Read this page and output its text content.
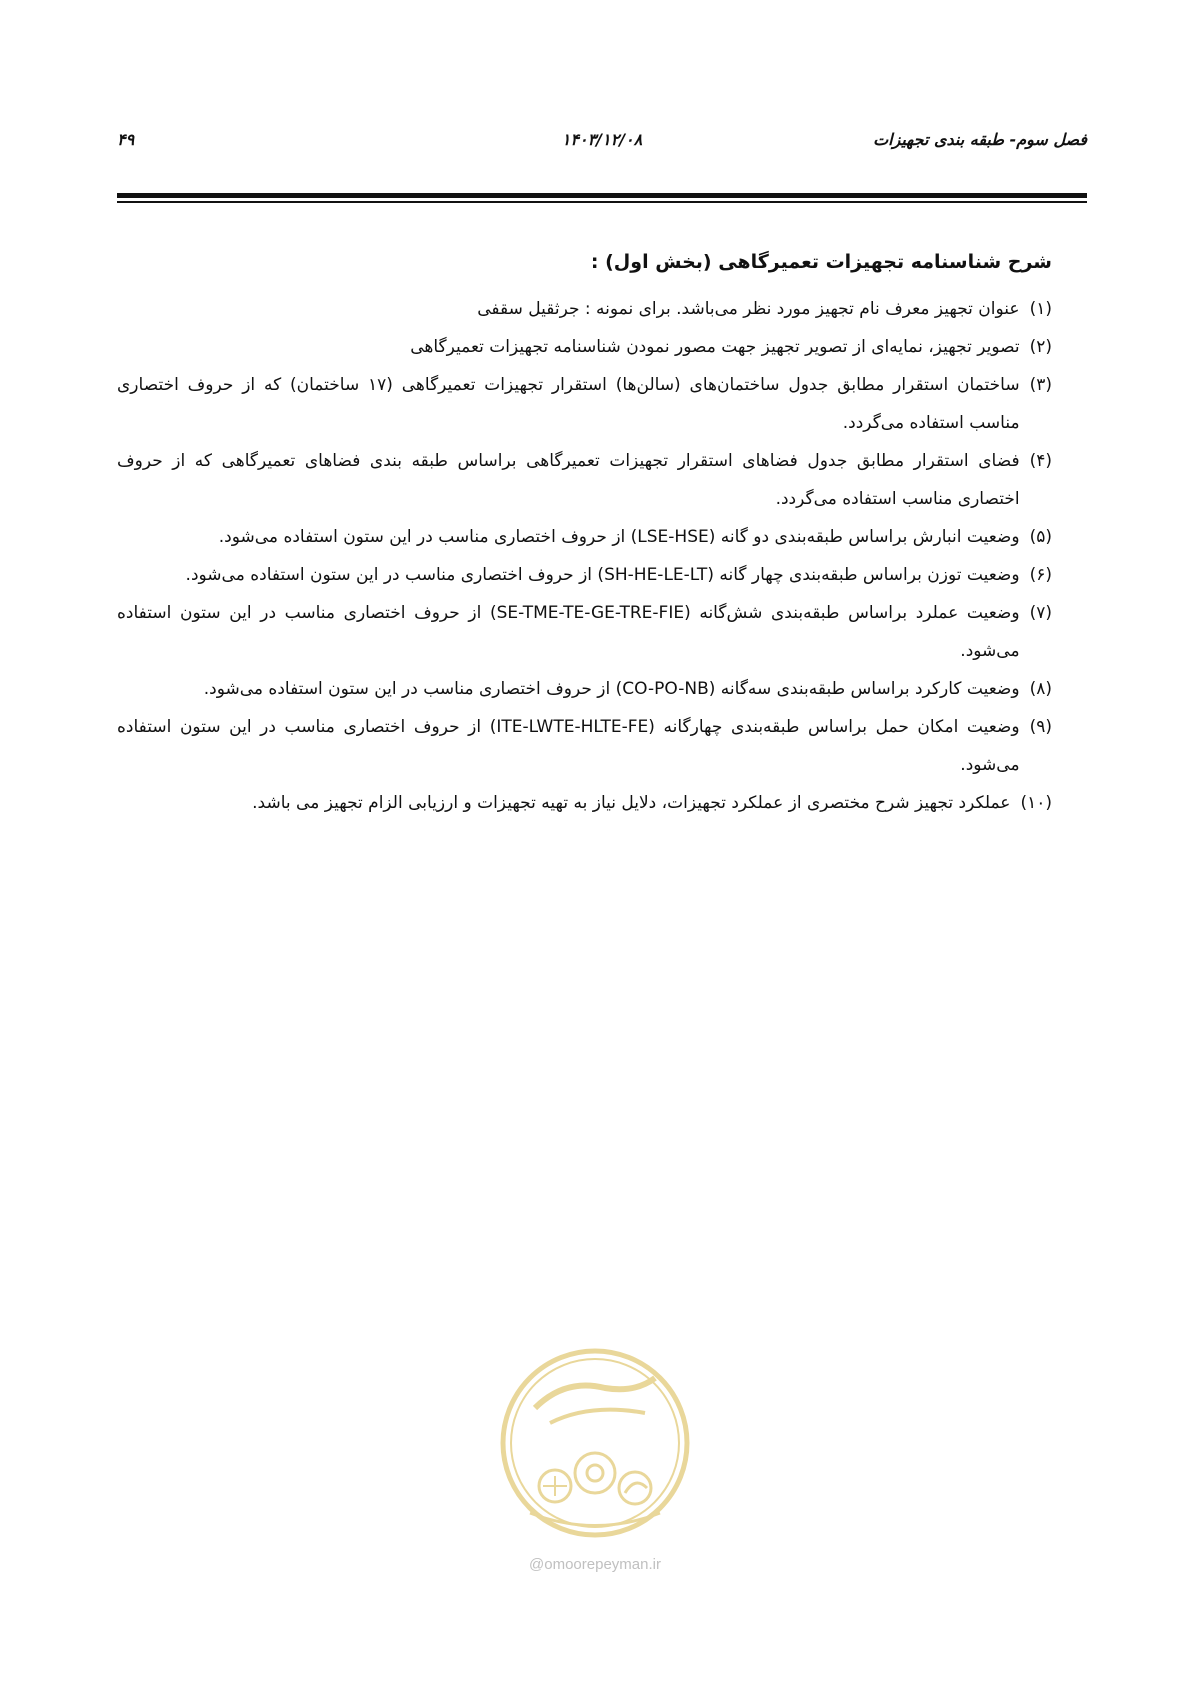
فصل سوم- طبقه بندی تجهیزات
۱۴۰۳/۱۲/۰۸
۴۹
شرح شناسنامه تجهیزات تعمیرگاهی (بخش اول) :
(۱)
عنوان تجهیز معرف نام تجهیز مورد نظر می‌باشد. برای نمونه : جرثقیل سقفی
(۲)
تصویر تجهیز، نمایه‌ای از تصویر تجهیز جهت مصور نمودن شناسنامه تجهیزات تعمیرگاهی
(۳)
ساختمان استقرار مطابق جدول ساختمان‌های (سالن‌ها) استقرار تجهیزات تعمیرگاهی (۱۷ ساختمان) که از حروف اختصاری مناسب استفاده می‌گردد.
(۴)
فضای استقرار مطابق جدول فضاهای استقرار تجهیزات تعمیرگاهی براساس طبقه بندی فضاهای تعمیرگاهی که از حروف اختصاری مناسب استفاده می‌گردد.
(۵)
وضعیت انبارش براساس طبقه‌بندی دو گانه (LSE-HSE) از حروف اختصاری مناسب در این ستون استفاده می‌شود.
(۶)
وضعیت توزن براساس طبقه‌بندی چهار گانه (SH-HE-LE-LT) از حروف اختصاری مناسب در این ستون استفاده می‌شود.
(۷)
وضعیت عملرد براساس طبقه‌بندی شش‌گانه (SE-TME-TE-GE-TRE-FIE) از حروف اختصاری مناسب در این ستون استفاده می‌شود.
(۸)
وضعیت کارکرد براساس طبقه‌بندی سه‌گانه (CO-PO-NB) از حروف اختصاری مناسب در این ستون استفاده می‌شود.
(۹)
وضعیت امکان حمل براساس طبقه‌بندی چهارگانه (ITE-LWTE-HLTE-FE) از حروف اختصاری مناسب در این ستون استفاده می‌شود.
(۱۰)
عملکرد تجهیز شرح مختصری از عملکرد تجهیزات، دلایل نیاز به تهیه تجهیزات و ارزیابی الزام تجهیز می باشد.
@omoorepeyman.ir
